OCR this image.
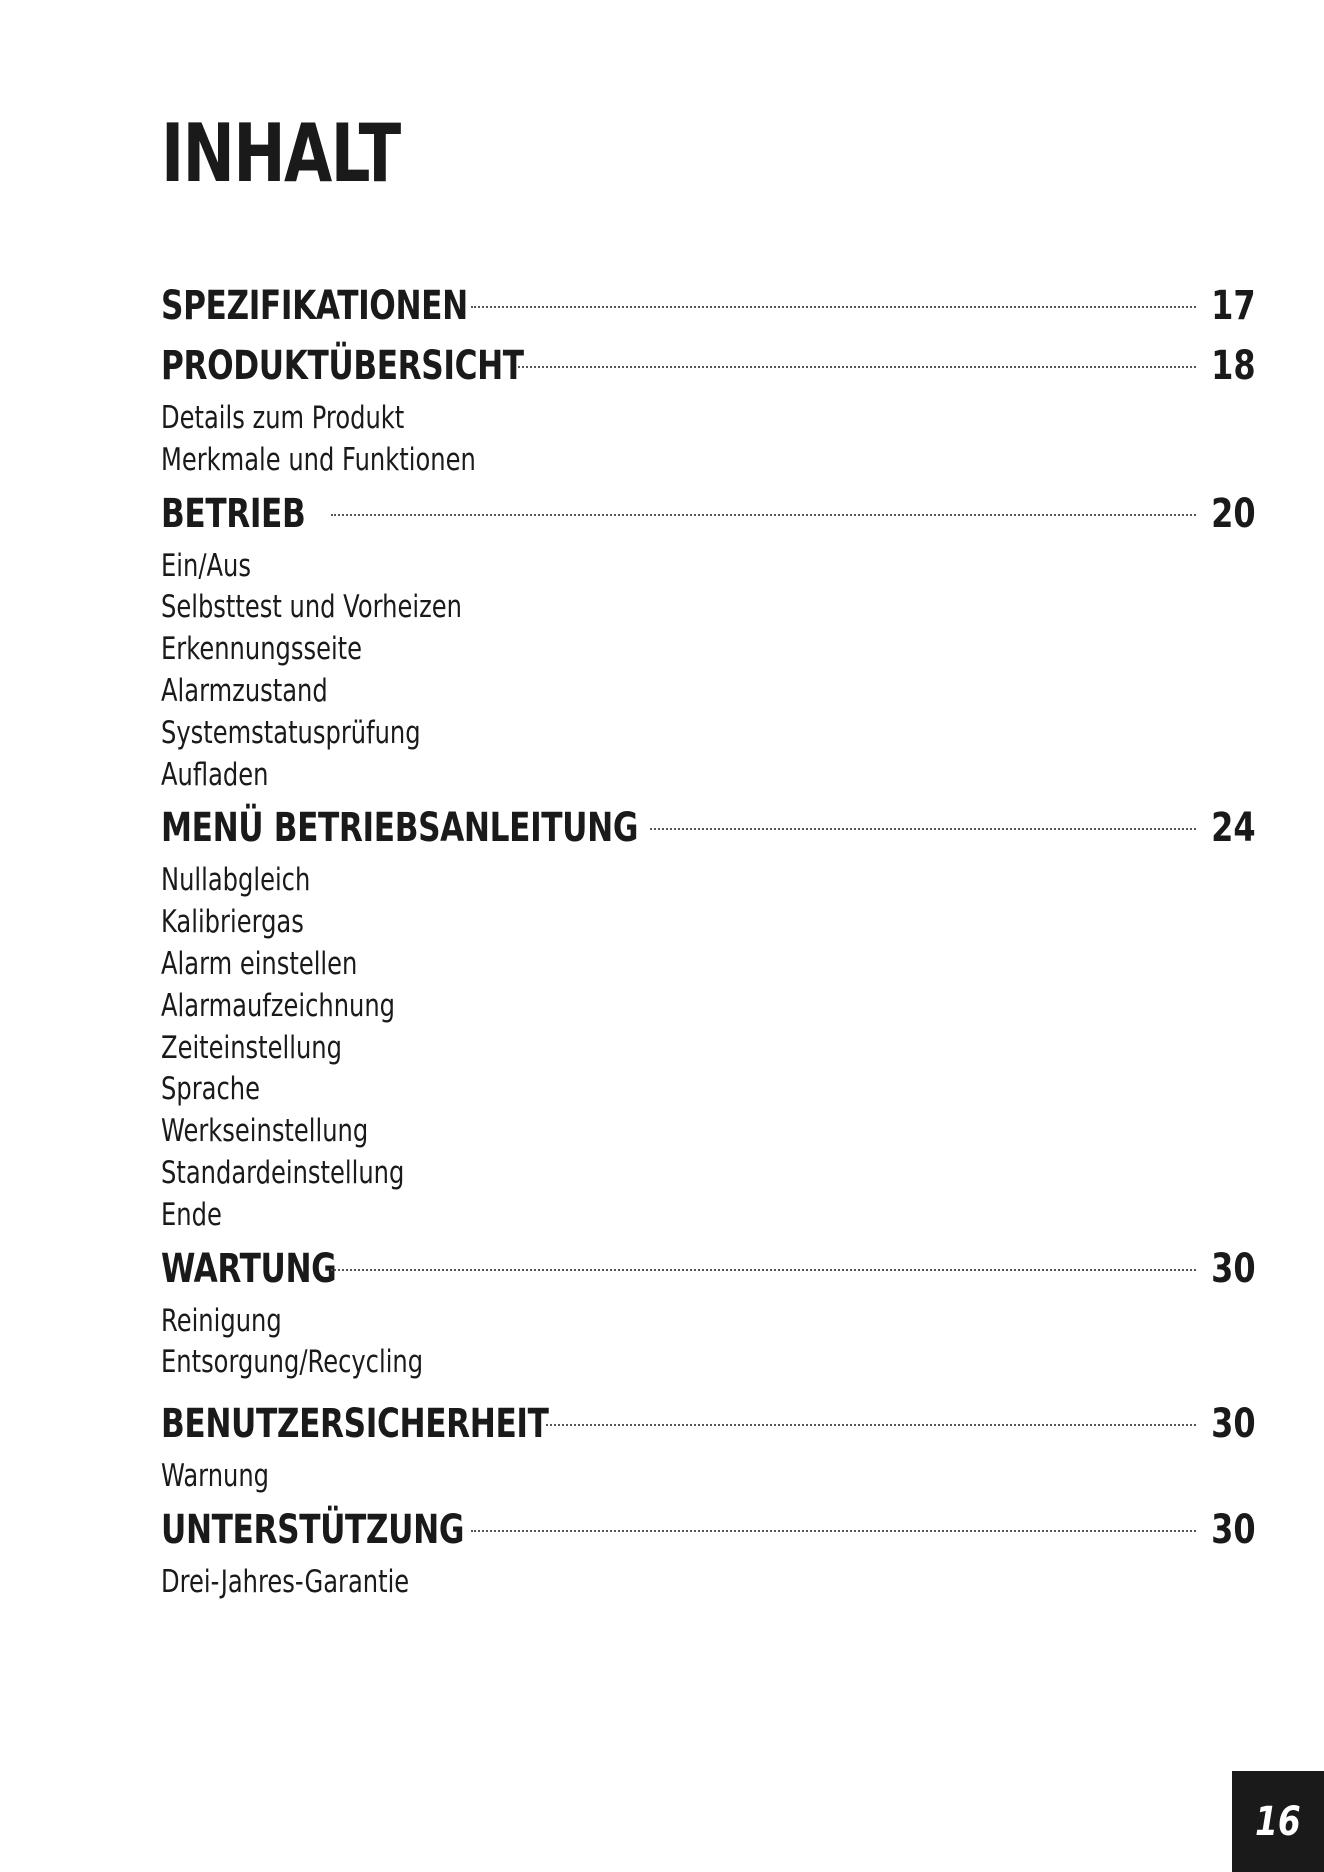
INHALT
SPEZIFIKATIONEN	17
PRODUKTÜBERSICHT	18
Details zum Produkt
Merkmale und Funktionen
BETRIEB	20
Ein/Aus
Selbsttest und Vorheizen
Erkennungsseite
Alarmzustand
Systemstatusprüfung
Aufladen
MENÜ BETRIEBSANLEITUNG	24
Nullabgleich
Kalibriergas
Alarm einstellen
Alarmaufzeichnung
Zeiteinstellung
Sprache
Werkseinstellung
Standardeinstellung
Ende
WARTUNG	30
Reinigung
Entsorgung/Recycling
BENUTZERSICHERHEIT	30
Warnung
UNTERSTÜTZUNG	30
Drei-Jahres-Garantie
16
